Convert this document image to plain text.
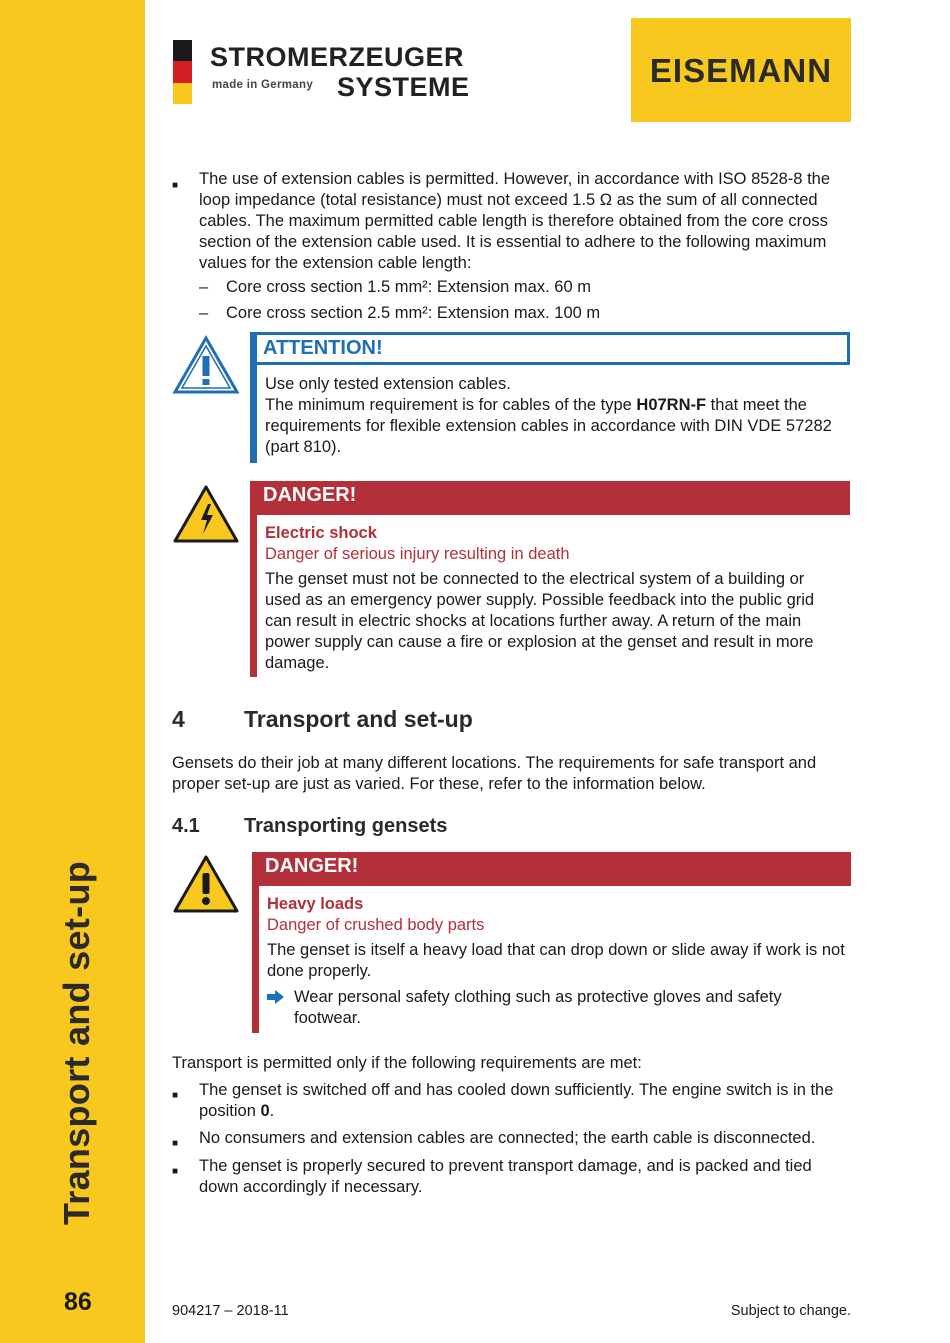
Transport and set-up
86
STROMERZEUGER
made in Germany SYSTEME	EISEMANN
■ The use of extension cables is permitted. However, in accordance with ISO 8528-8 the
loop impedance (total resistance) must not exceed 1.5 Ω as the sum of all connected
cables. The maximum permitted cable length is therefore obtained from the core cross
section of the extension cable used. It is essential to adhere to the following maximum
values for the extension cable length:
– Core cross section 1.5 mm²: Extension max. 60 m
– Core cross section 2.5 mm²: Extension max. 100 m
ATTENTION!
Use only tested extension cables.
The minimum requirement is for cables of the type H07RN-F that meet the
requirements for flexible extension cables in accordance with DIN VDE 57282
(part 810).
DANGER!
Electric shock
Danger of serious injury resulting in death
The genset must not be connected to the electrical system of a building or
used as an emergency power supply. Possible feedback into the public grid
can result in electric shocks at locations further away. A return of the main
power supply can cause a fire or explosion at the genset and result in more
damage.
4	Transport and set-up
Gensets do their job at many different locations. The requirements for safe transport and
proper set-up are just as varied. For these, refer to the information below.
4.1 Transporting gensets
DANGER!
Heavy loads
Danger of crushed body parts
The genset is itself a heavy load that can drop down or slide away if work is not
done properly.
Wear personal safety clothing such as protective gloves and safety
footwear.
Transport is permitted only if the following requirements are met:
■ The genset is switched off and has cooled down sufficiently. The engine switch is in the
position 0.
■ No consumers and extension cables are connected; the earth cable is disconnected.
■ The genset is properly secured to prevent transport damage, and is packed and tied
down accordingly if necessary.
904217 – 2018-11	Subject to change.
